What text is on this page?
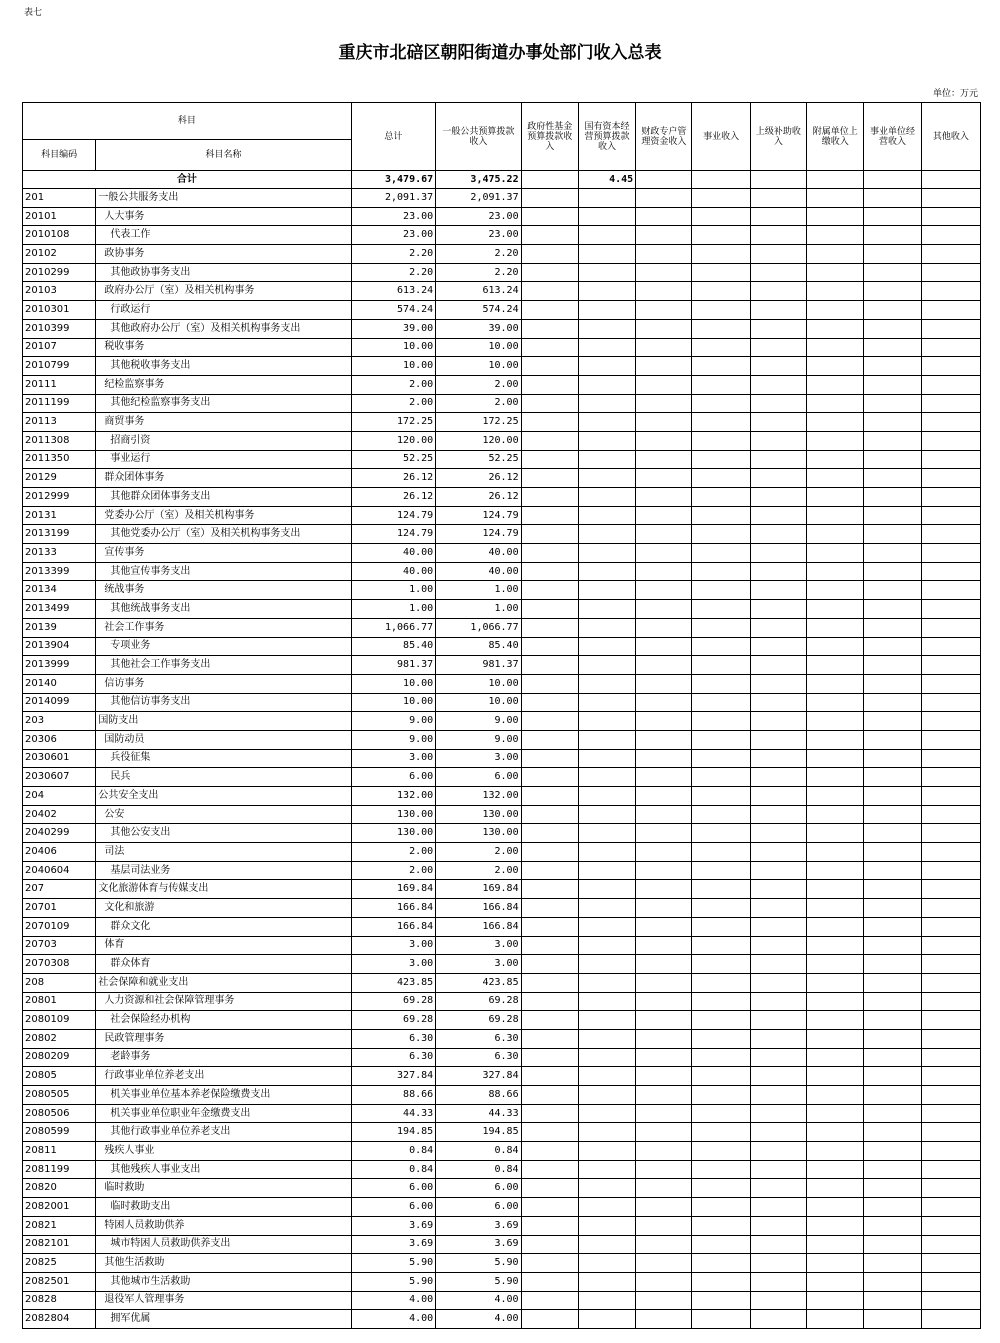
表七
重庆市北碚区朝阳街道办事处部门收入总表
单位：万元
科目		总计	一般公共预算拨款收入	政府性基金预算拨款收入	国有资本经营预算拨款收入	财政专户管理资金收入	事业收入	上级补助收入	附属单位上缴收入	事业单位经营收入	其他收入
科目编码	科目名称										
合计		3,479.67	3,475.22		4.45						
201	一般公共服务支出	2,091.37	2,091.37								
20101	人大事务	23.00	23.00								
2010108	代表工作	23.00	23.00								
20102	政协事务	2.20	2.20								
2010299	其他政协事务支出	2.20	2.20								
20103	政府办公厅（室）及相关机构事务	613.24	613.24								
2010301	行政运行	574.24	574.24								
2010399	其他政府办公厅（室）及相关机构事务支出	39.00	39.00								
20107	税收事务	10.00	10.00								
2010799	其他税收事务支出	10.00	10.00								
20111	纪检监察事务	2.00	2.00								
2011199	其他纪检监察事务支出	2.00	2.00								
20113	商贸事务	172.25	172.25								
2011308	招商引资	120.00	120.00								
2011350	事业运行	52.25	52.25								
20129	群众团体事务	26.12	26.12								
2012999	其他群众团体事务支出	26.12	26.12								
20131	党委办公厅（室）及相关机构事务	124.79	124.79								
2013199	其他党委办公厅（室）及相关机构事务支出	124.79	124.79								
20133	宣传事务	40.00	40.00								
2013399	其他宣传事务支出	40.00	40.00								
20134	统战事务	1.00	1.00								
2013499	其他统战事务支出	1.00	1.00								
20139	社会工作事务	1,066.77	1,066.77								
2013904	专项业务	85.40	85.40								
2013999	其他社会工作事务支出	981.37	981.37								
20140	信访事务	10.00	10.00								
2014099	其他信访事务支出	10.00	10.00								
203	国防支出	9.00	9.00								
20306	国防动员	9.00	9.00								
2030601	兵役征集	3.00	3.00								
2030607	民兵	6.00	6.00								
204	公共安全支出	132.00	132.00								
20402	公安	130.00	130.00								
2040299	其他公安支出	130.00	130.00								
20406	司法	2.00	2.00								
2040604	基层司法业务	2.00	2.00								
207	文化旅游体育与传媒支出	169.84	169.84								
20701	文化和旅游	166.84	166.84								
2070109	群众文化	166.84	166.84								
20703	体育	3.00	3.00								
2070308	群众体育	3.00	3.00								
208	社会保障和就业支出	423.85	423.85								
20801	人力资源和社会保障管理事务	69.28	69.28								
2080109	社会保险经办机构	69.28	69.28								
20802	民政管理事务	6.30	6.30								
2080209	老龄事务	6.30	6.30								
20805	行政事业单位养老支出	327.84	327.84								
2080505	机关事业单位基本养老保险缴费支出	88.66	88.66								
2080506	机关事业单位职业年金缴费支出	44.33	44.33								
2080599	其他行政事业单位养老支出	194.85	194.85								
20811	残疾人事业	0.84	0.84								
2081199	其他残疾人事业支出	0.84	0.84								
20820	临时救助	6.00	6.00								
2082001	临时救助支出	6.00	6.00								
20821	特困人员救助供养	3.69	3.69								
2082101	城市特困人员救助供养支出	3.69	3.69								
20825	其他生活救助	5.90	5.90								
2082501	其他城市生活救助	5.90	5.90								
20828	退役军人管理事务	4.00	4.00								
2082804	拥军优属	4.00	4.00								
